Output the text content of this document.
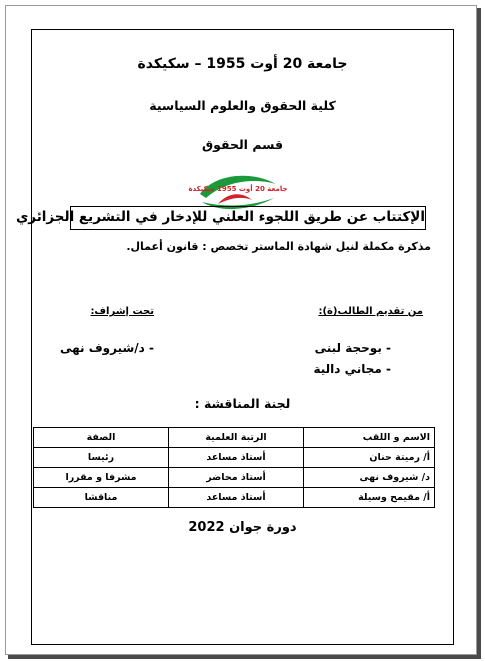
جامعة 20 أوت 1955 – سكيكدة
كلية الحقوق والعلوم السياسية
قسم الحقوق
جامعة 20 أوت 1955 سكيكدة
الإكتتاب عن طريق اللجوء العلني للإدخار في التشريع الجزائري
مذكرة مكملة لنيل شهادة الماستر تخصص : قانون أعمال.
من تقديم الطالب(ة):
تحت إشراف:
- بوحجة لبنى
- مجاني دالية
- د/شيروف نهى
لجنة المناقشة :
الاسم و اللقب	الرتبة العلمية	الصفة
أ/ رميتة حنان	أستاذ مساعد	رئيسا
د/ شيروف نهى	أستاذ محاضر	مشرفا و مقررا
أ/ مقيمح وسيلة	أستاذ مساعد	مناقشا
دورة جوان 2022
